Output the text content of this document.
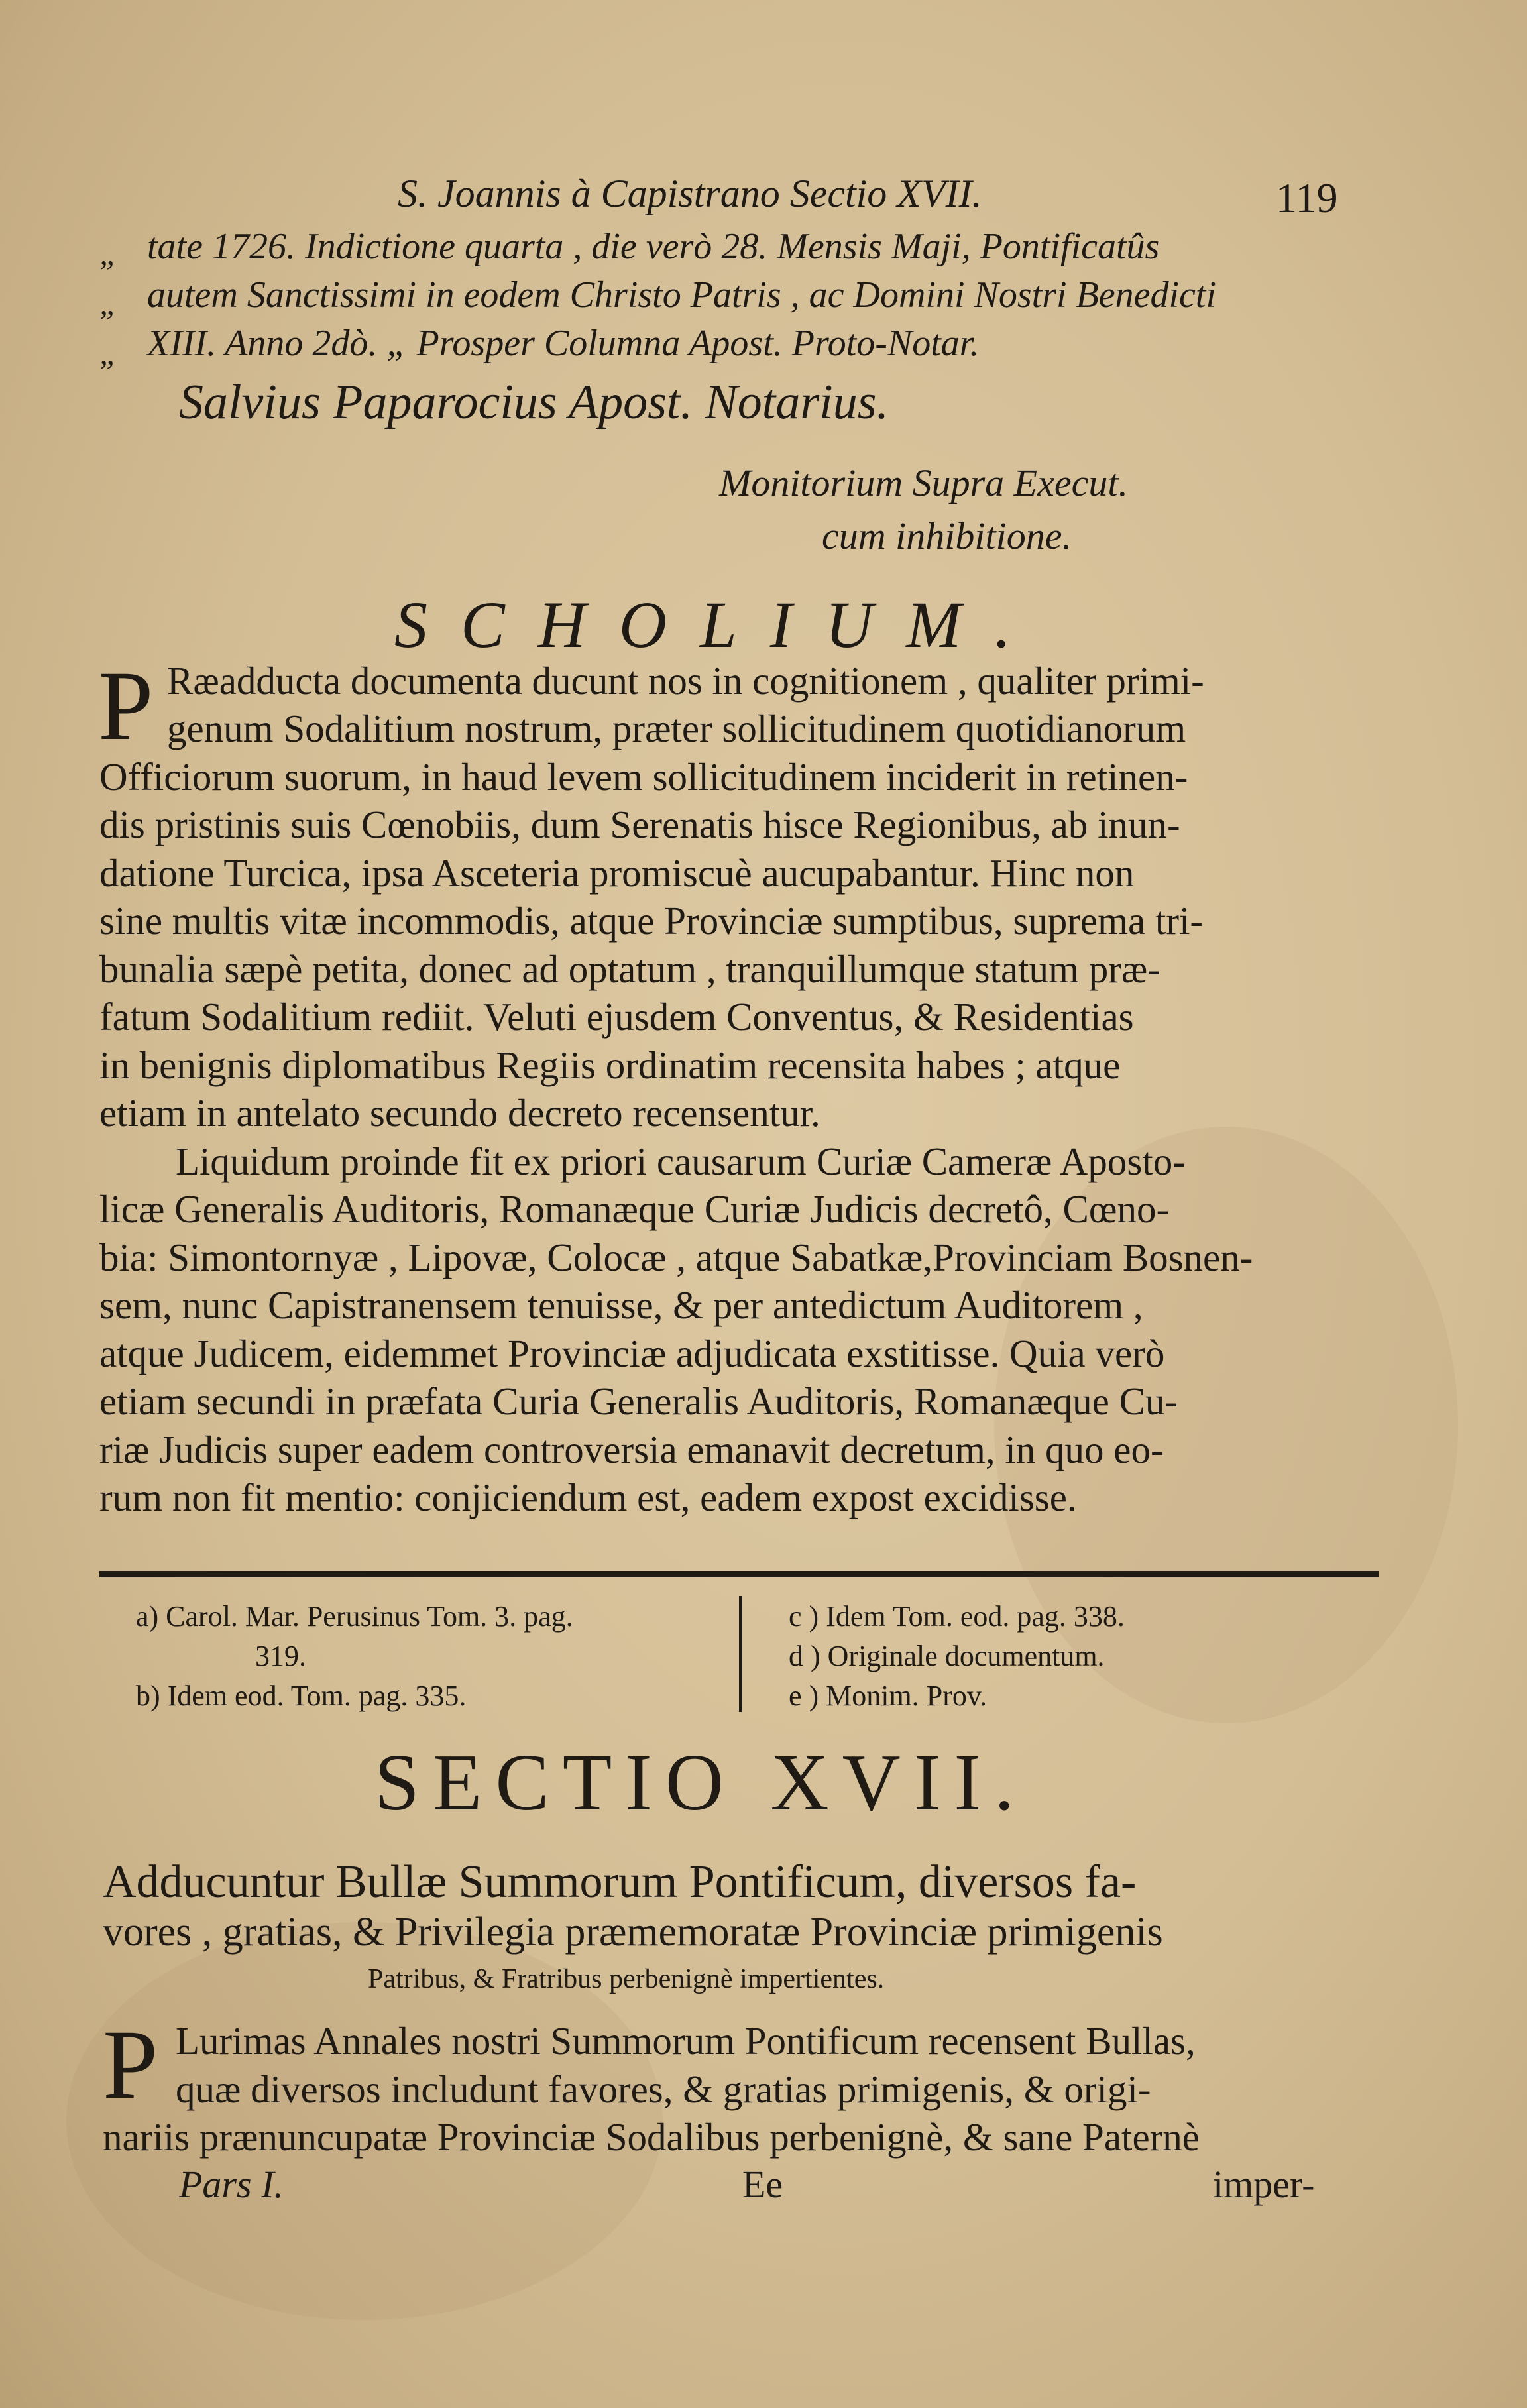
S. Joannis à Capistrano Sectio XVII.	119
„
„
„
tate 1726. Indictione quarta , die verò 28. Mensis Maji, Pontificatûs
autem Sanctissimi in eodem Christo Patris , ac Domini Nostri Benedicti
XIII. Anno 2dò. „ Prosper Columna Apost. Proto-Notar.
Salvius Paparocius Apost. Notarius.
Monitorium Supra Execut.
cum inhibitione.
SCHOLIUM.
P Ræadducta documenta ducunt nos in cognitionem , qualiter primi-
genum Sodalitium nostrum, præter sollicitudinem quotidianorum
Officiorum suorum, in haud levem sollicitudinem inciderit in retinen-
dis pristinis suis Cœnobiis, dum Serenatis hisce Regionibus, ab inun-
datione Turcica, ipsa Asceteria promiscuè aucupabantur. Hinc non
sine multis vitæ incommodis, atque Provinciæ sumptibus, suprema tri-
bunalia sæpè petita, donec ad optatum , tranquillumque statum præ-
fatum Sodalitium rediit. Veluti ejusdem Conventus, & Residentias
in benignis diplomatibus Regiis ordinatim recensita habes ; atque
etiam in antelato secundo decreto recensentur.
Liquidum proinde fit ex priori causarum Curiæ Cameræ Aposto-
licæ Generalis Auditoris, Romanæque Curiæ Judicis decretô, Cœno-
bia: Simontornyæ , Lipovæ, Colocæ , atque Sabatkæ,Provinciam Bosnen-
sem, nunc Capistranensem tenuisse, & per antedictum Auditorem ,
atque Judicem, eidemmet Provinciæ adjudicata exstitisse. Quia verò
etiam secundi in præfata Curia Generalis Auditoris, Romanæque Cu-
riæ Judicis super eadem controversia emanavit decretum, in quo eo-
rum non fit mentio: conjiciendum est, eadem expost excidisse.
a) Carol. Mar. Perusinus Tom. 3. pag.
319.
b) Idem eod. Tom. pag. 335.
c ) Idem Tom. eod. pag. 338.
d ) Originale documentum.
e ) Monim. Prov.
SECTIO XVII.
Adducuntur Bullæ Summorum Pontificum, diversos fa-
vores , gratias, & Privilegia præmemoratæ Provinciæ primigenis
Patribus, & Fratribus perbenignè impertientes.
P Lurimas Annales nostri Summorum Pontificum recensent Bullas,
quæ diversos includunt favores, & gratias primigenis, & origi-
nariis prænuncupatæ Provinciæ Sodalibus perbenignè, & sane Paternè
Pars I.	Ee	imper-
